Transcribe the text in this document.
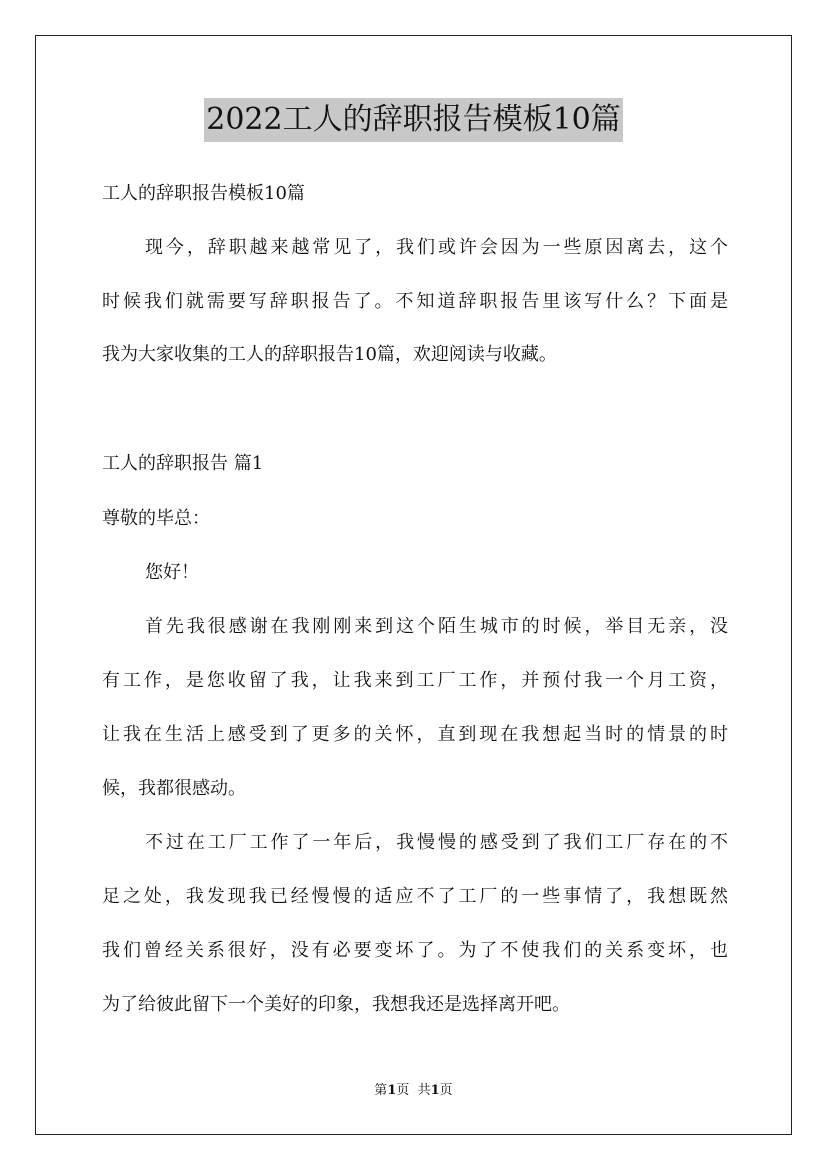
2022工人的辞职报告模板10篇
工人的辞职报告模板10篇
现今，辞职越来越常见了，我们或许会因为一些原因离去，这个
时候我们就需要写辞职报告了。不知道辞职报告里该写什么？下面是
我为大家收集的工人的辞职报告10篇，欢迎阅读与收藏。
工人的辞职报告 篇1
尊敬的毕总：
您好！
首先我很感谢在我刚刚来到这个陌生城市的时候，举目无亲，没
有工作，是您收留了我，让我来到工厂工作，并预付我一个月工资，
让我在生活上感受到了更多的关怀，直到现在我想起当时的情景的时
候，我都很感动。
不过在工厂工作了一年后，我慢慢的感受到了我们工厂存在的不
足之处，我发现我已经慢慢的适应不了工厂的一些事情了，我想既然
我们曾经关系很好，没有必要变坏了。为了不使我们的关系变坏，也
为了给彼此留下一个美好的印象，我想我还是选择离开吧。
第1页  共1页
